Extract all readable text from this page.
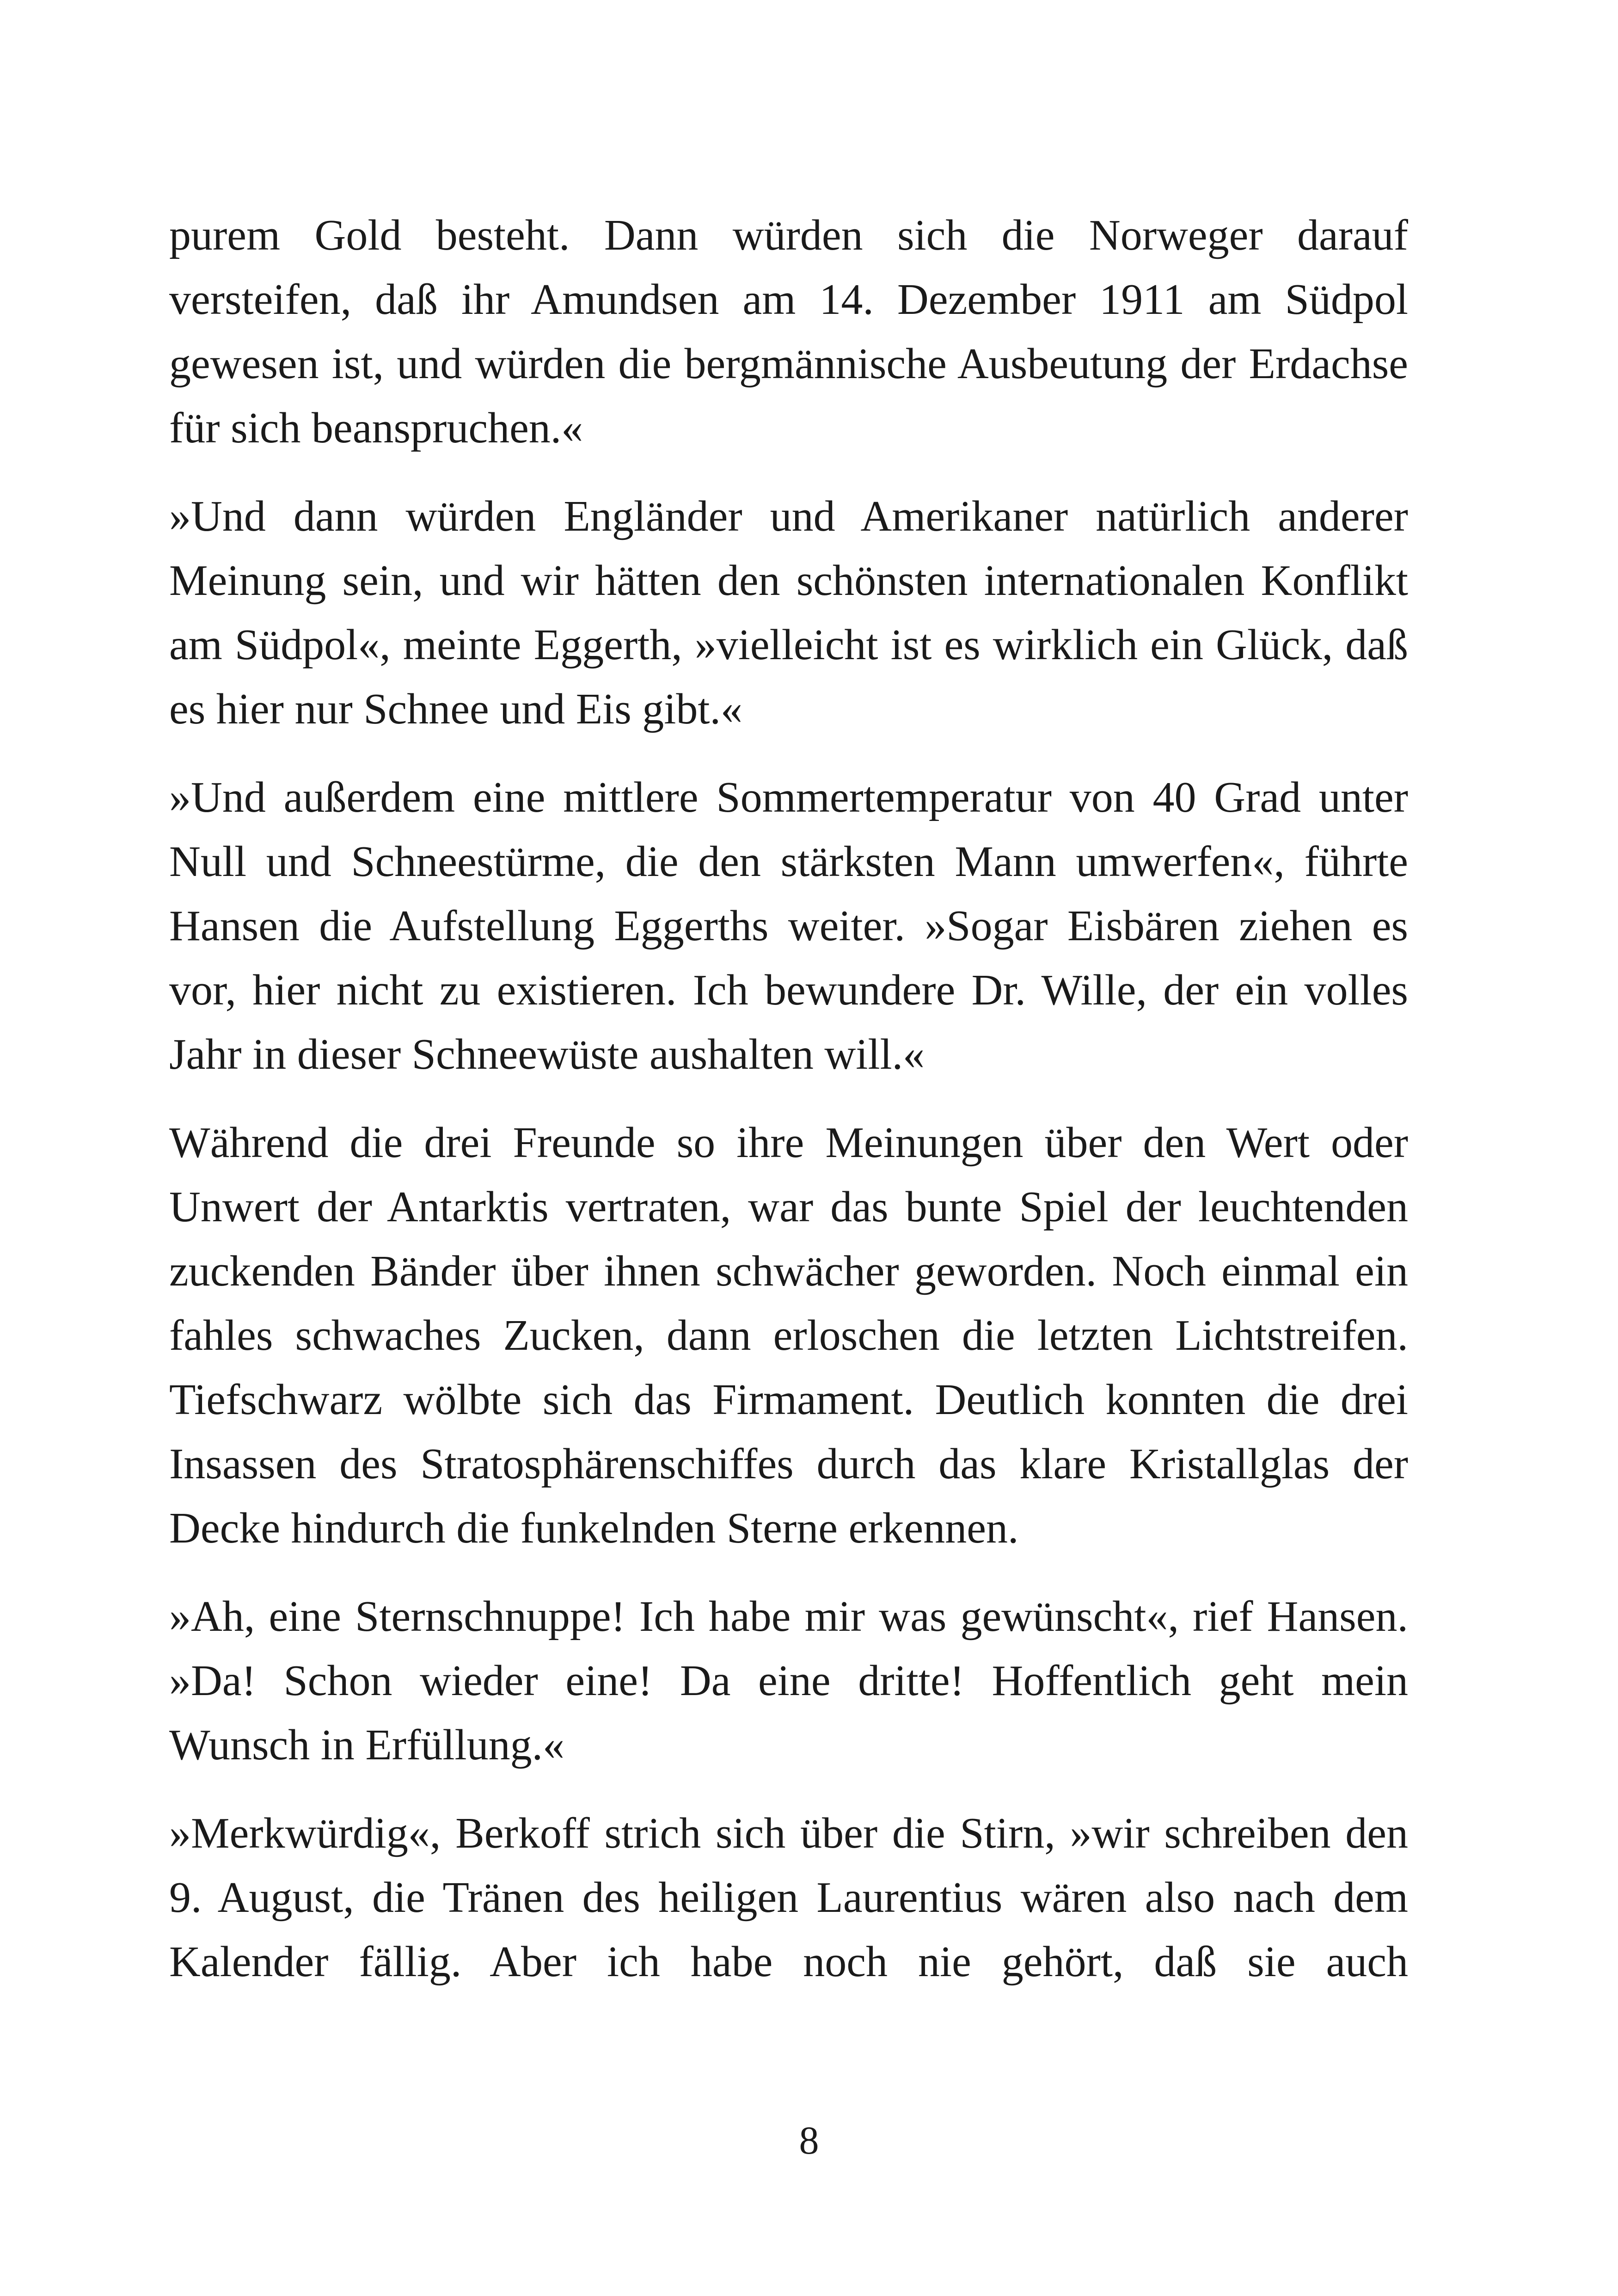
purem Gold besteht. Dann würden sich die Norweger darauf versteifen, daß ihr Amundsen am 14. Dezember 1911 am Südpol gewesen ist, und würden die bergmännische Ausbeutung der Erdachse für sich beanspruchen.«

»Und dann würden Engländer und Amerikaner natürlich anderer Meinung sein, und wir hätten den schönsten internationalen Konflikt am Südpol«, meinte Eggerth, »vielleicht ist es wirklich ein Glück, daß es hier nur Schnee und Eis gibt.«

»Und außerdem eine mittlere Sommertemperatur von 40 Grad unter Null und Schneestürme, die den stärksten Mann umwerfen«, führte Hansen die Aufstellung Eggerths weiter. »Sogar Eisbären ziehen es vor, hier nicht zu existieren. Ich bewundere Dr. Wille, der ein volles Jahr in dieser Schneewüste aushalten will.«

Während die drei Freunde so ihre Meinungen über den Wert oder Unwert der Antarktis vertraten, war das bunte Spiel der leuchtenden zuckenden Bänder über ihnen schwächer geworden. Noch einmal ein fahles schwaches Zucken, dann erloschen die letzten Lichtstreifen. Tiefschwarz wölbte sich das Firmament. Deutlich konnten die drei Insassen des Stratosphärenschiffes durch das klare Kristallglas der Decke hindurch die funkelnden Sterne erkennen.

»Ah, eine Sternschnuppe! Ich habe mir was gewünscht«, rief Hansen. »Da! Schon wieder eine! Da eine dritte! Hoffentlich geht mein Wunsch in Erfüllung.«

»Merkwürdig«, Berkoff strich sich über die Stirn, »wir schreiben den 9. August, die Tränen des heiligen Laurentius wären also nach dem Kalender fällig. Aber ich habe noch nie gehört, daß sie auch

8
